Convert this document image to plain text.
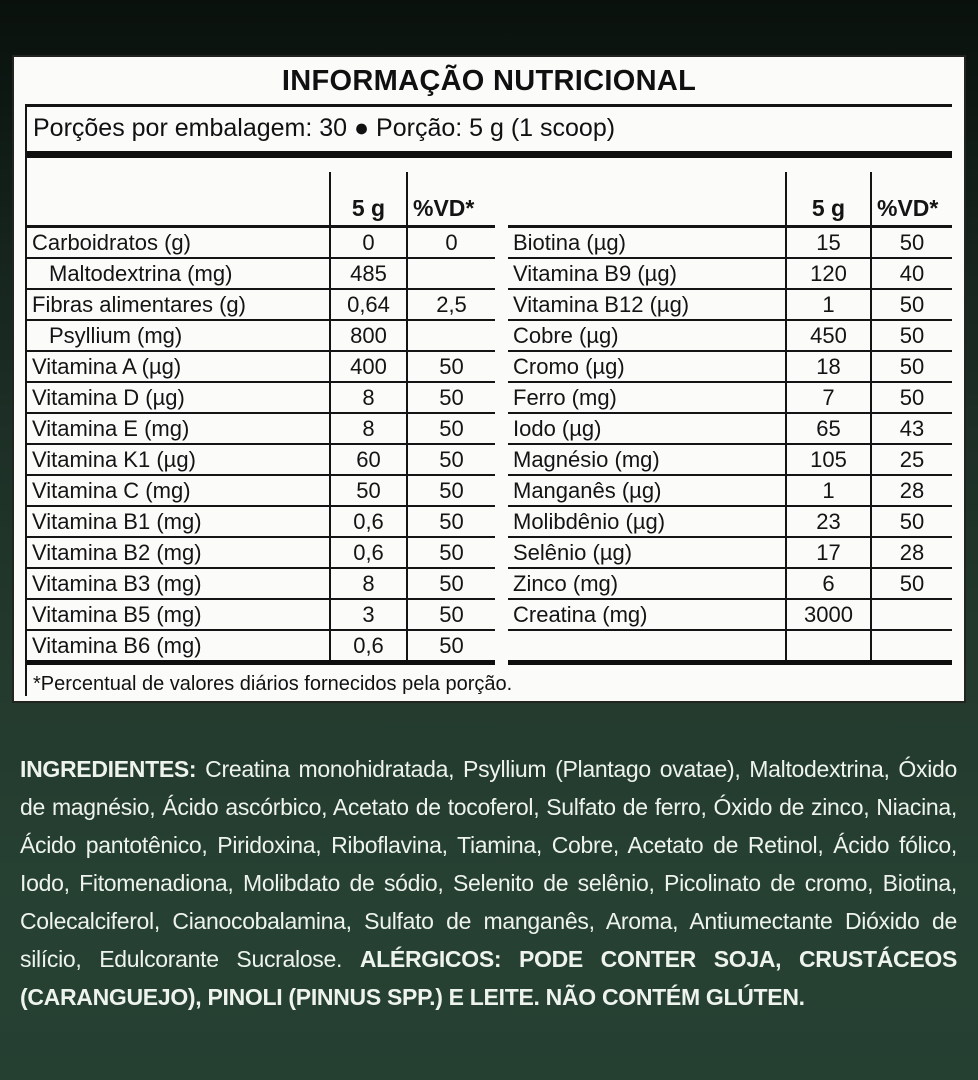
INFORMAÇÃO NUTRICIONAL
Porções por embalagem: 30 ● Porção: 5 g (1 scoop)
	5 g	%VD*
Carboidratos (g)	0	0
Maltodextrina (mg)	485	
Fibras alimentares (g)	0,64	2,5
Psyllium (mg)	800	
Vitamina A (µg)	400	50
Vitamina D (µg)	8	50
Vitamina E (mg)	8	50
Vitamina K1 (µg)	60	50
Vitamina C (mg)	50	50
Vitamina B1 (mg)	0,6	50
Vitamina B2 (mg)	0,6	50
Vitamina B3 (mg)	8	50
Vitamina B5 (mg)	3	50
Vitamina B6 (mg)	0,6	50
	5 g	%VD*
Biotina (µg)	15	50
Vitamina B9 (µg)	120	40
Vitamina B12 (µg)	1	50
Cobre (µg)	450	50
Cromo (µg)	18	50
Ferro (mg)	7	50
Iodo (µg)	65	43
Magnésio (mg)	105	25
Manganês (µg)	1	28
Molibdênio (µg)	23	50
Selênio (µg)	17	28
Zinco (mg)	6	50
Creatina (mg)	3000	

*Percentual de valores diários fornecidos pela porção.

INGREDIENTES: Creatina monohidratada, Psyllium (Plantago ovatae), Maltodextrina, Óxido de magnésio, Ácido ascórbico, Acetato de tocoferol, Sulfato de ferro, Óxido de zinco, Niacina, Ácido pantotênico, Piridoxina, Riboflavina, Tiamina, Cobre, Acetato de Retinol, Ácido fólico, Iodo, Fitomenadiona, Molibdato de sódio, Selenito de selênio, Picolinato de cromo, Biotina, Colecalciferol, Cianocobalamina, Sulfato de manganês, Aroma, Antiumectante Dióxido de silício, Edulcorante Sucralose. ALÉRGICOS: PODE CONTER SOJA, CRUSTÁCEOS (CARANGUEJO), PINOLI (PINNUS SPP.) E LEITE. NÃO CONTÉM GLÚTEN.
